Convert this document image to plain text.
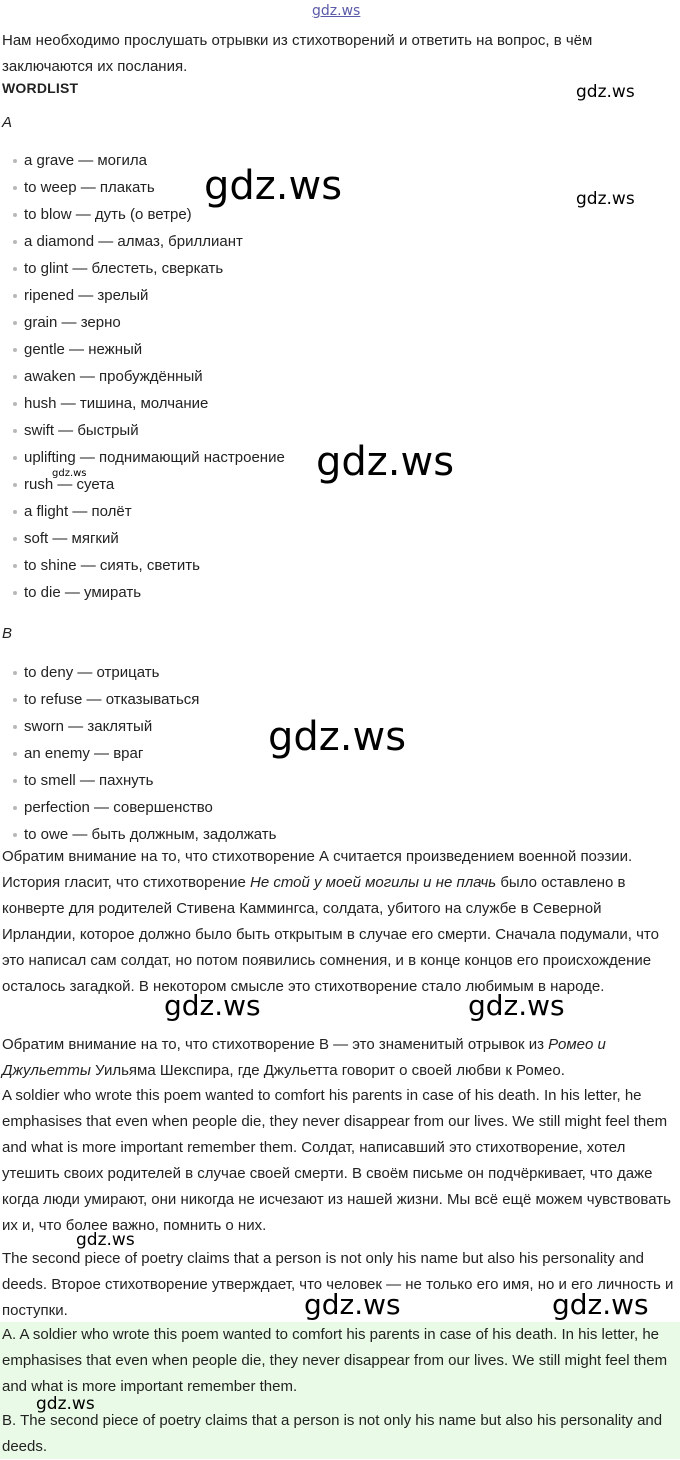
gdz.ws
gdz.ws
gdz.ws	gdz.ws
gdz.ws
gdz.ws
gdz.ws
gdz.ws	gdz.ws
gdz.ws
gdz.ws	gdz.ws

Нам необходимо прослушать отрывки из стихотворений и ответить на вопрос, в чём заключаются их послания.

WORDLIST

A

a grave — могила
to weep — плакать
to blow — дуть (о ветре)
a diamond — алмаз, бриллиант
to glint — блестеть, сверкать
ripened — зрелый
grain — зерно
gentle — нежный
awaken — пробуждённый
hush — тишина, молчание
swift — быстрый
uplifting — поднимающий настроение
rush — суета
a flight — полёт
soft — мягкий
to shine — сиять, светить
to die — умирать

B

to deny — отрицать
to refuse — отказываться
sworn — заклятый
an enemy — враг
to smell — пахнуть
perfection — совершенство
to owe — быть должным, задолжать

Обратим внимание на то, что стихотворение А считается произведением военной поэзии. История гласит, что стихотворение Не стой у моей могилы и не плачь было оставлено в конверте для родителей Стивена Каммингса, солдата, убитого на службе в Северной Ирландии, которое должно было быть открытым в случае его смерти. Сначала подумали, что это написал сам солдат, но потом появились сомнения, и в конце концов его происхождение осталось загадкой. В некотором смысле это стихотворение стало любимым в народе.

Обратим внимание на то, что стихотворение В — это знаменитый отрывок из Ромео и Джульетты Уильяма Шекспира, где Джульетта говорит о своей любви к Ромео.

A soldier who wrote this poem wanted to comfort his parents in case of his death. In his letter, he emphasises that even when people die, they never disappear from our lives. We still might feel them and what is more important remember them. Солдат, написавший это стихотворение, хотел утешить своих родителей в случае своей смерти. В своём письме он подчёркивает, что даже когда люди умирают, они никогда не исчезают из нашей жизни. Мы всё ещё можем чувствовать их и, что более важно, помнить о них.

The second piece of poetry claims that a person is not only his name but also his personality and deeds. Второе стихотворение утверждает, что человек — не только его имя, но и его личность и поступки.

A. A soldier who wrote this poem wanted to comfort his parents in case of his death. In his letter, he emphasises that even when people die, they never disappear from our lives. We still might feel them and what is more important remember them.

B. The second piece of poetry claims that a person is not only his name but also his personality and deeds.

gdz.ws
